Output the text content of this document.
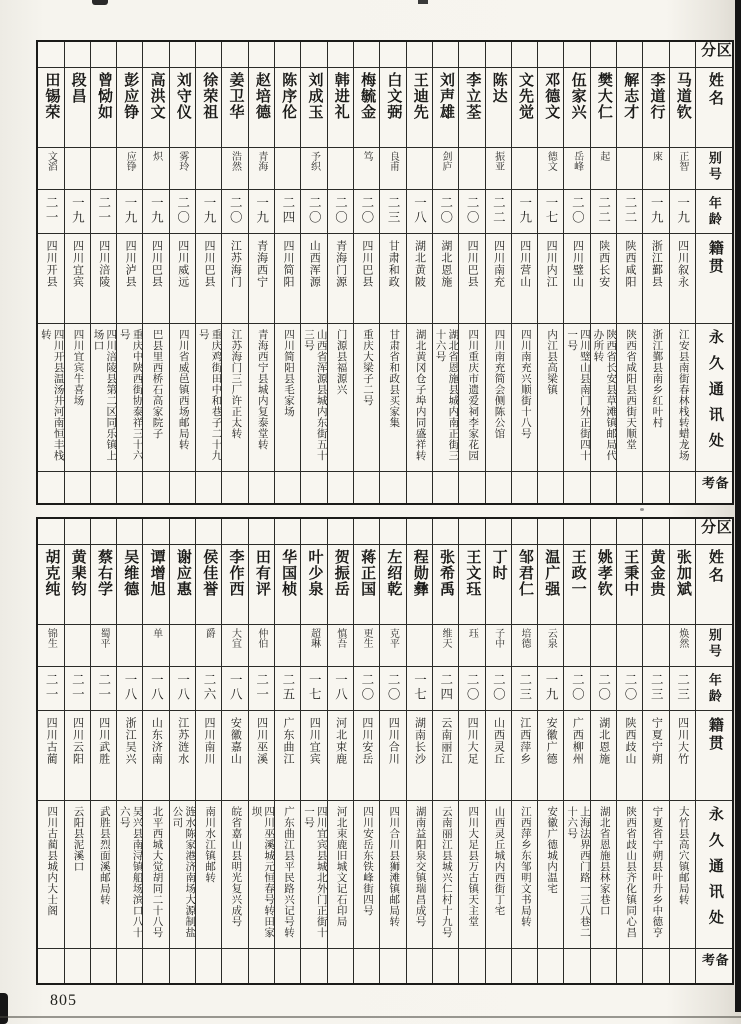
区分
姓名
别号
年龄
籍贯
永久通讯处
备考
马道钦
正智
一九
四川叙永
江安县南街春林栈转蜡龙场
李道行
庲
一九
浙江鄞县
浙江鄞县南乡红叶村
解志才
二二
陕西咸阳
陕西省咸阳县西街天顺堂
樊大仁
起
二二
陕西长安
陕西省长安县草滩镇邮局代办所转
伍家兴
岳峰
二〇
四川璧山
四川璧山县南门外正街四十一号
邓德文
德文
一七
四川内江
内江县高梁镇
文先觉
一九
四川营山
四川南充兴顺街十八号
陈达
振亚
二二
四川南充
四川南充简会侧陈公馆
李立荃
二〇
四川巴县
四川重庆市遗爱祠李家花园
刘声雄
剑庐
二〇
湖北恩施
湖北省恩施县城内南正街三十六号
王迪先
一八
湖北黄陂
湖北黄冈仓子埠内同盛祥转
白文弼
良甫
二三
甘肃和政
甘肃省和政县买家集
梅毓金
笃
二〇
四川巴县
重庆大梁子二号
韩进礼
二〇
青海门源
门源县福源兴
刘成玉
予织
二〇
山西浑源
山西省浑源县城内东街五十三号
陈序伦
二四
四川简阳
四川简阳县毛家场
赵培德
青海
一九
青海西宁
青海西宁县城内复泰堂转
姜卫华
浩然
二〇
江苏海门
江苏海门三厂许正太转
徐荣祖
一九
四川巴县
重庆鸡街田中和巷子二十九号
刘守仪
雾玲
二〇
四川威远
四川省威邑镇西场邮局转
高洪文
炽
一九
四川巴县
巴县里西桥石高家院子
彭应铮
应铮
一九
四川泸县
重庆中陕西街协泰祥三十六号
曾恸如
二一
四川涪陵
四川涪陵县第二区同乐镇上场口
段昌
一九
四川宜宾
四川宜宾牛喜场
田锡荣
文滔
二一
四川开县
四川开县温汤井河南恒丰栈转
区分
姓名
别号
年龄
籍贯
永久通讯处
备考
张加斌
焕然
二三
四川大竹
大竹县高穴镇邮局转
黄金贵
二三
宁夏宁朔
宁夏省宁朔县叶升乡中德亨
王秉中
二〇
陕西歧山
陕西省歧山县齐化镇同心昌
姚孝钦
二〇
湖北恩施
湖北省恩施县林家巷口
王政一
二〇
广西柳州
上海法界西门路一三八巷二十六号
温广强
云泉
一九
安徽广德
安徽广德城内温宅
邹君仁
培德
二三
江西萍乡
江西萍乡东邹明文书局转
丁时
子中
二〇
山西灵丘
山西灵丘城内西街丁宅
王文珏
珏
二〇
四川大足
四川大足县万古镇天主堂
张希禹
维天
二四
云南丽江
云南丽江县城兴仁村十九号
程勋彝
一七
湖南长沙
湖南益阳泉交镇瑞昌成号
左绍乾
克平
二〇
四川合川
四川合川县狮滩镇邮局转
蒋正国
更生
二〇
四川安岳
四川安岳东铁峰街四号
贺振岳
慎吾
一八
河北束鹿
河北束鹿旧城文记石印局
叶少泉
超琳
一七
四川宜宾
四川宜宾县城北外门正街十一号
华国桢
二五
广东曲江
广东曲江县平民路兴记号转
田有评
仲伯
二一
四川巫溪
四川巫溪城元恒春号转田家坝
李作西
大宜
一八
安徽嘉山
皖省嘉山县明光复兴成号
侯佳誉
爵
二六
四川南川
南川水江镇邮转
谢应惠
一八
江苏涟水
涟水陈家港济南场大源制盐公司
谭增旭
单
一八
山东济南
北平西城大觉胡同二十八号
吴维德
一八
浙江吴兴
吴兴县南浔镇船场滨口八十六号
蔡右学
蜀平
二一
四川武胜
武胜县烈面溪邮局转
黄棐钧
二一
四川云阳
云阳县泥溪口
胡克纯
锦生
二一
四川古蔺
四川古蔺县城内大士阁
805
